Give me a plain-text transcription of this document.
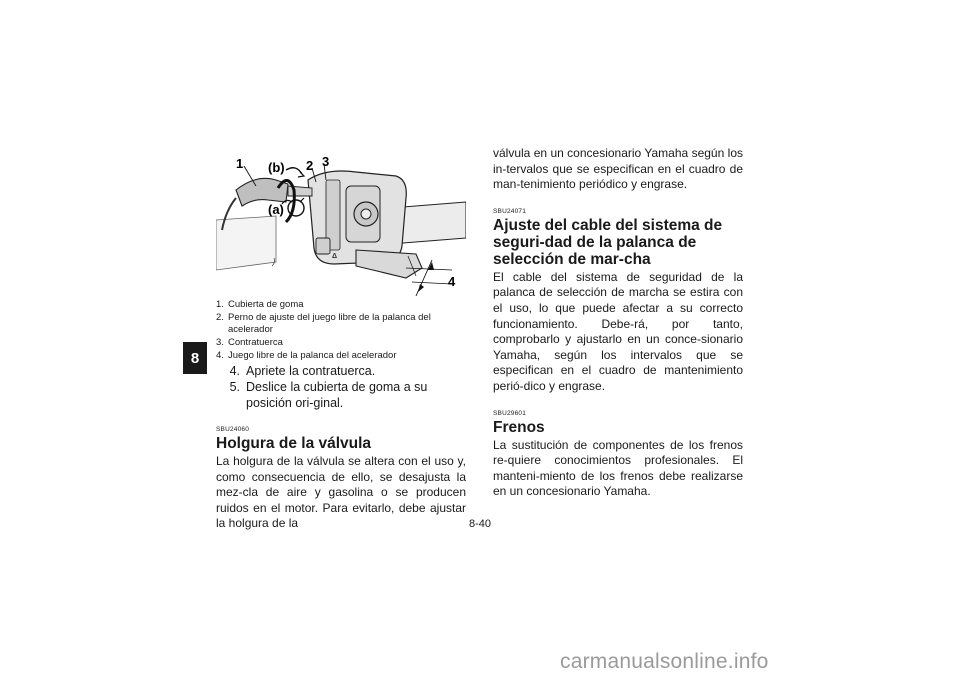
8
Δ
1 (b) 2 3
(a)
4
1. Cubierta de goma
2. Perno de ajuste del juego libre de la palanca del acelerador
3. Contratuerca
4. Juego libre de la palanca del acelerador
4. Apriete la contratuerca.
5. Deslice la cubierta de goma a su posición ori-ginal.
SBU24060
Holgura de la válvula
La holgura de la válvula se altera con el uso y, como consecuencia de ello, se desajusta la mez-cla de aire y gasolina o se producen ruidos en el motor. Para evitarlo, debe ajustar la holgura de la
válvula en un concesionario Yamaha según los in-tervalos que se especifican en el cuadro de man-tenimiento periódico y engrase.
SBU24071
Ajuste del cable del sistema de seguri-dad de la palanca de selección de mar-cha
El cable del sistema de seguridad de la palanca de selección de marcha se estira con el uso, lo que puede afectar a su correcto funcionamiento. Debe-rá, por tanto, comprobarlo y ajustarlo en un conce-sionario Yamaha, según los intervalos que se especifican en el cuadro de mantenimiento perió-dico y engrase.
SBU29601
Frenos
La sustitución de componentes de los frenos re-quiere conocimientos profesionales. El manteni-miento de los frenos debe realizarse en un concesionario Yamaha.
8-40
carmanualsonline.info
